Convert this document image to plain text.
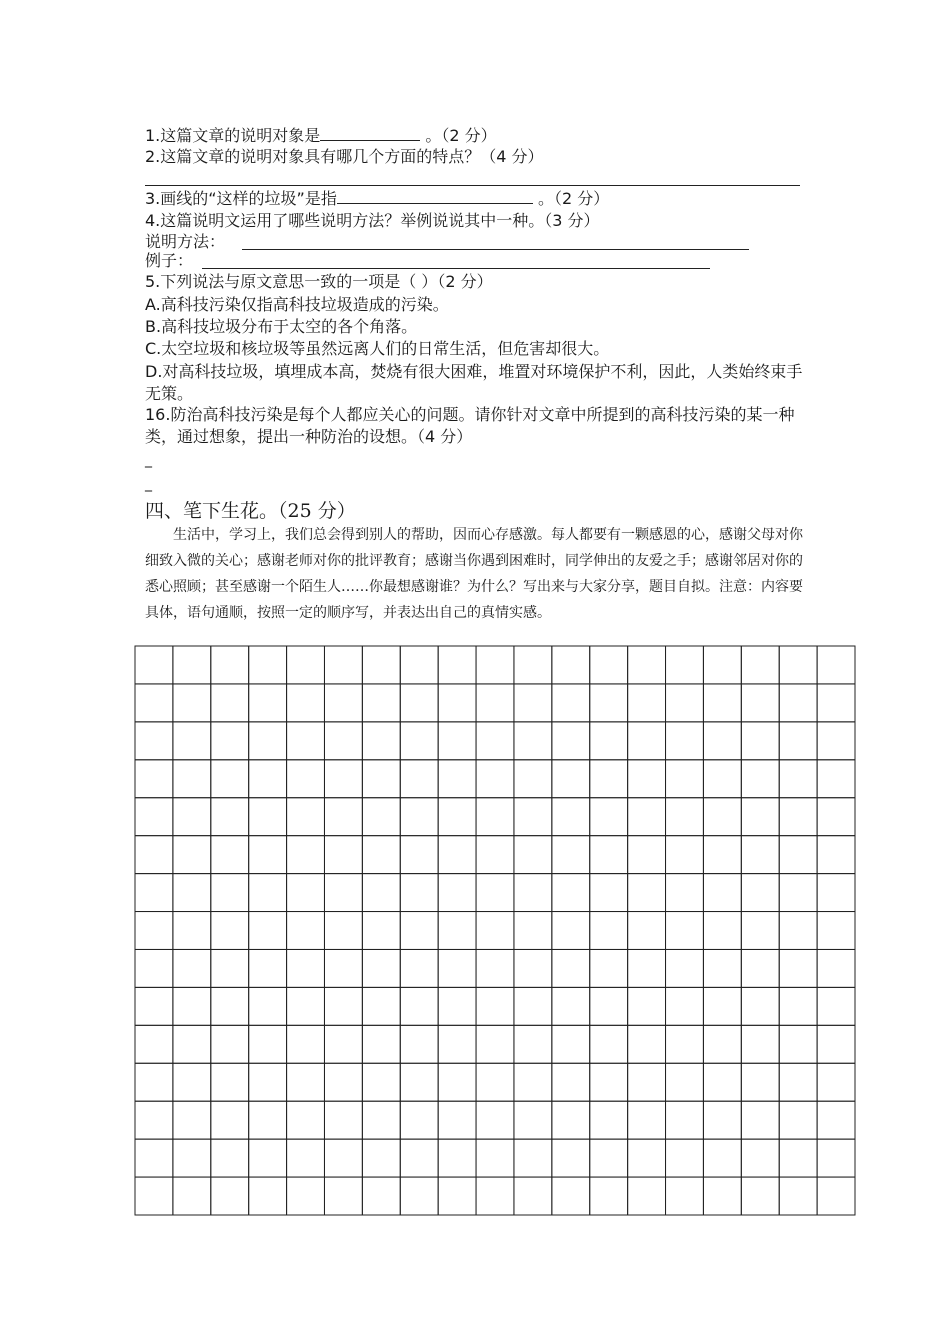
1.这篇文章的说明对象是	。（2 分）
2.这篇文章的说明对象具有哪几个方面的特点？（4 分）
3.画线的“这样的垃圾”是指	。（2 分）
4.这篇说明文运用了哪些说明方法？举例说说其中一种。（3 分）
说明方法：
例子：
5.下列说法与原文意思一致的一项是（ ）（2 分）
A.高科技污染仅指高科技垃圾造成的污染。
B.高科技垃圾分布于太空的各个角落。
C.太空垃圾和核垃圾等虽然远离人们的日常生活，但危害却很大。
D.对高科技垃圾，填埋成本高，焚烧有很大困难，堆置对环境保护不利，因此，人类始终束手无策。
16.防治高科技污染是每个人都应关心的问题。请你针对文章中所提到的高科技污染的某一种类，通过想象，提出一种防治的设想。（4 分）
_
_
四、笔下生花。（25 分）
生活中，学习上，我们总会得到别人的帮助，因而心存感激。每人都要有一颗感恩的心，感谢父母对你细致入微的关心；感谢老师对你的批评教育；感谢当你遇到困难时，同学伸出的友爱之手；感谢邻居对你的悉心照顾；甚至感谢一个陌生人……你最想感谢谁？为什么？写出来与大家分享，题目自拟。注意：内容要具体，语句通顺，按照一定的顺序写，并表达出自己的真情实感。
